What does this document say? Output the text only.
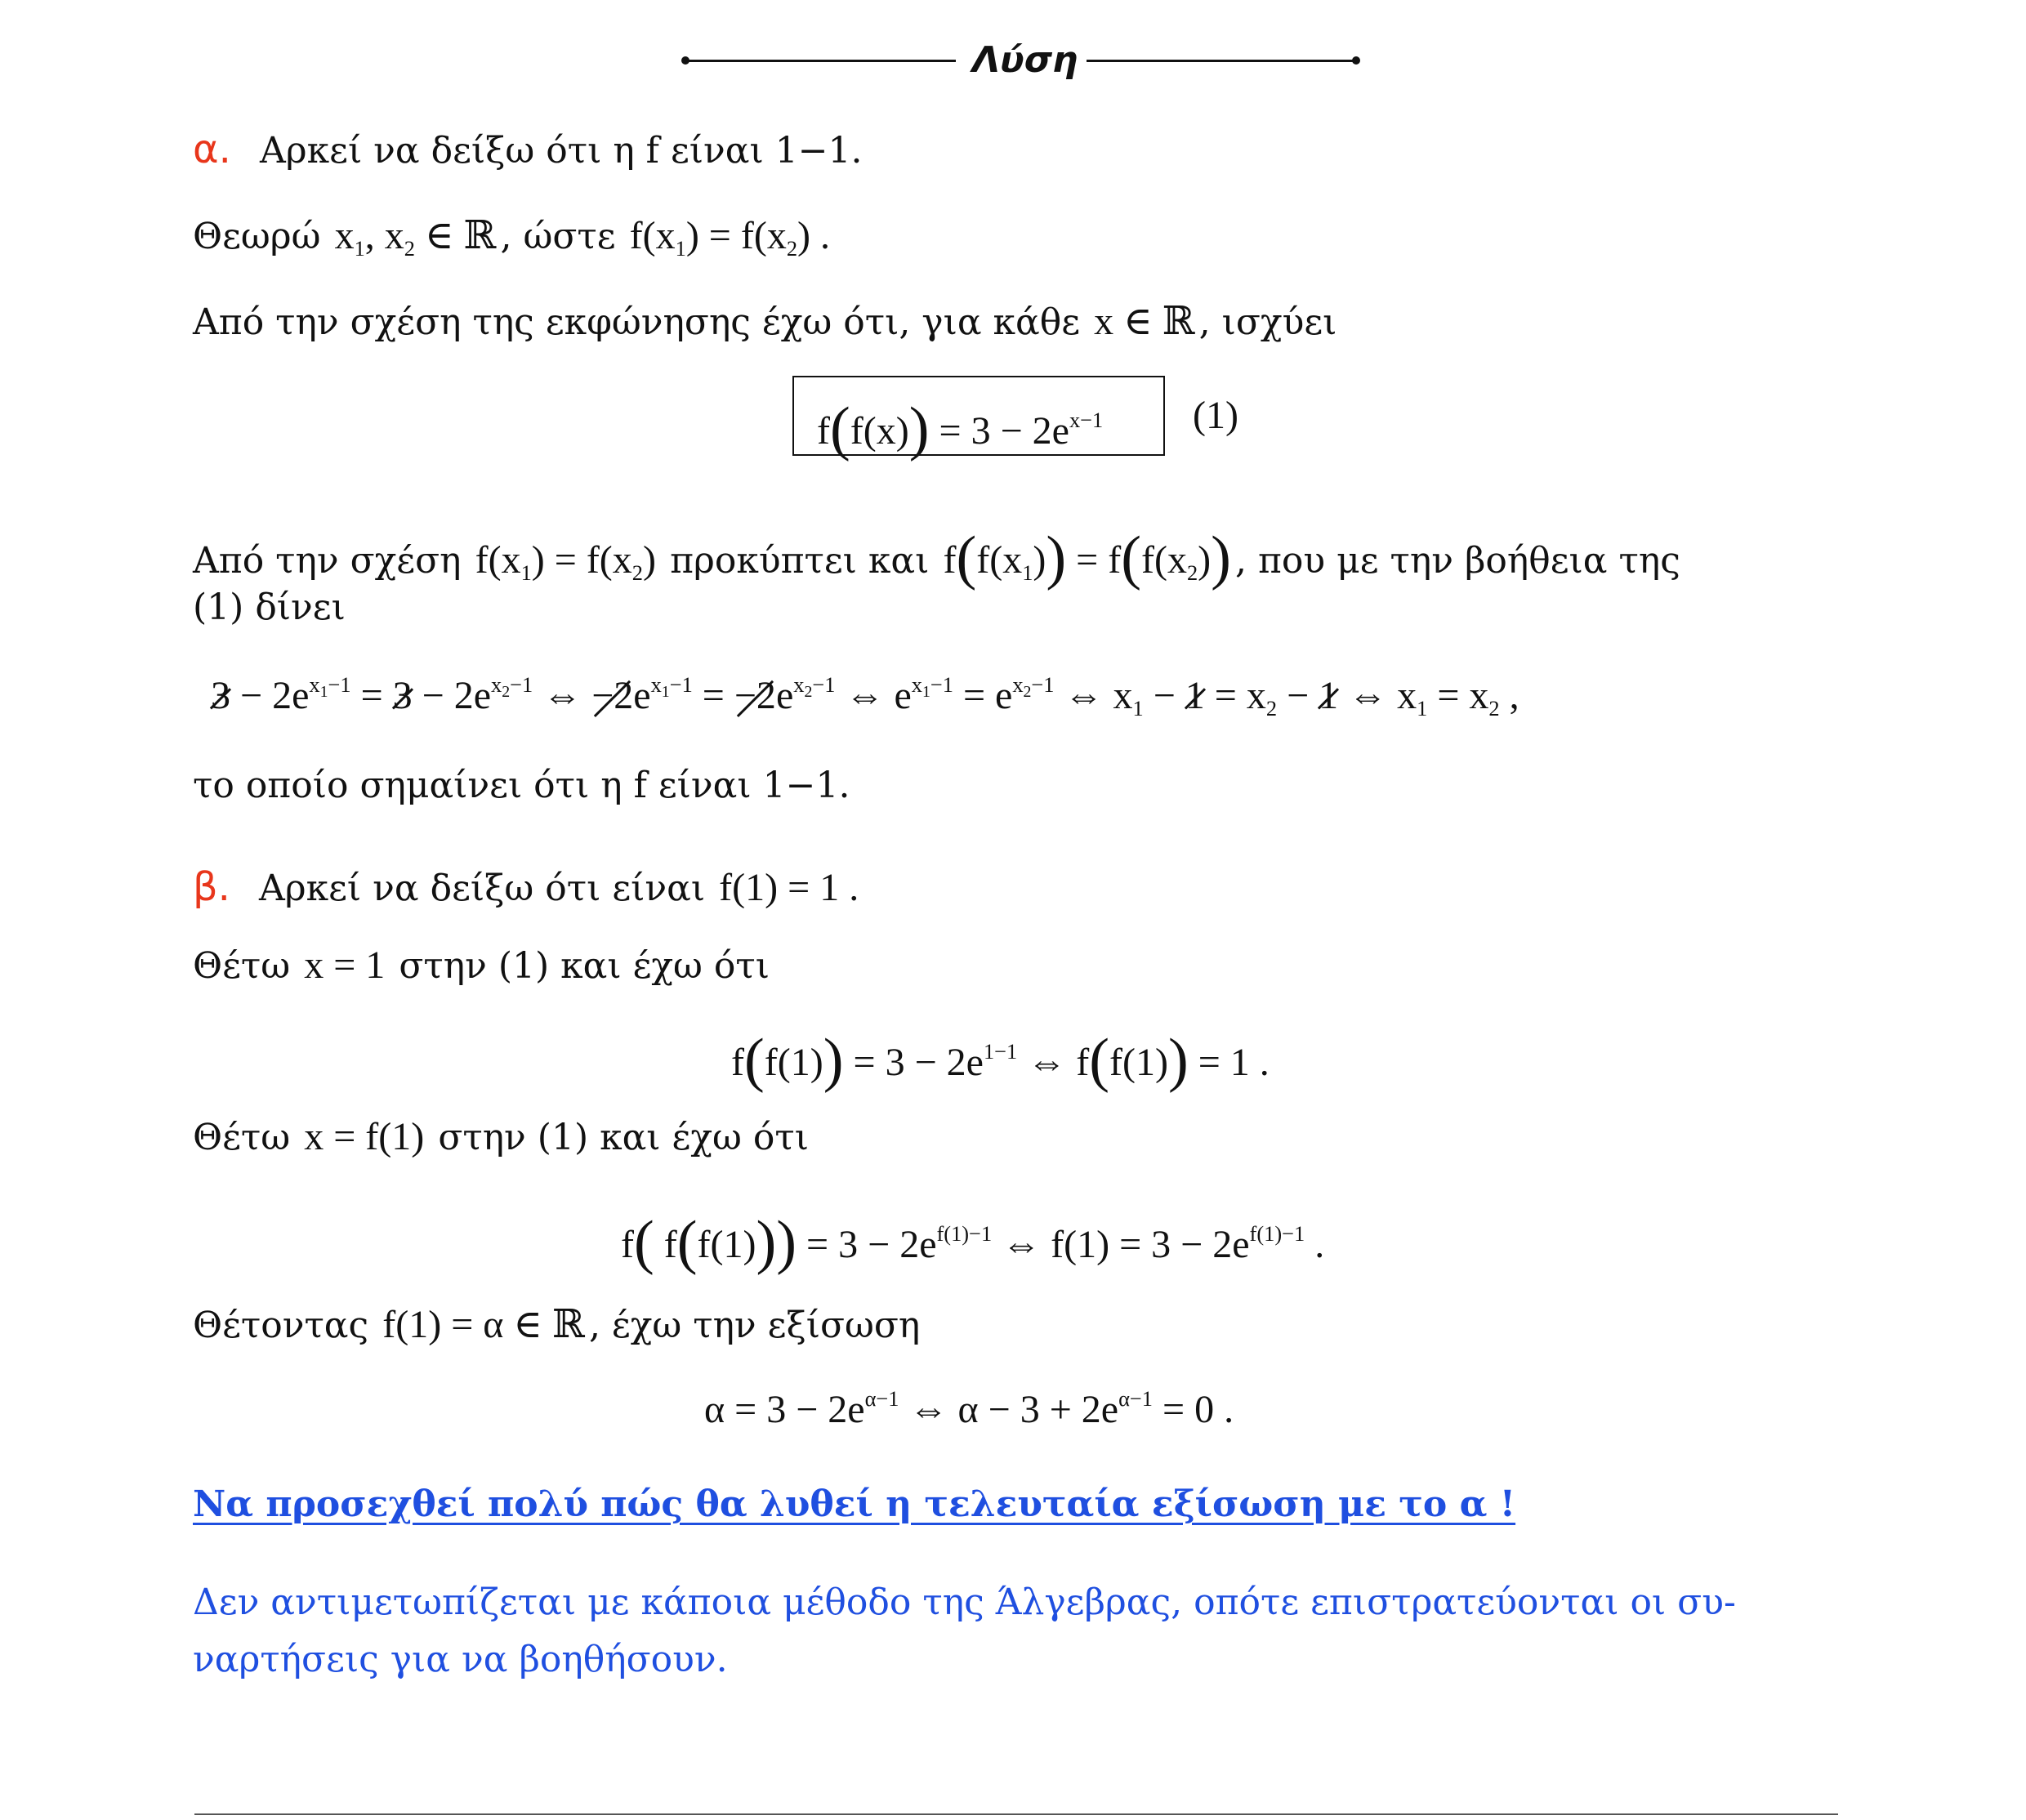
Λύση
α. Αρκεί να δείξω ότι η f είναι 1−1.
Θεωρώ  $x_1$, $x_2$ ∈ ℝ , ώστε  $f(x_1) = f(x_2)$ .
Από την σχέση της εκφώνησης έχω ότι, για κάθε  x ∈ ℝ , ισχύει
$f(f(x)) = 3 - 2e^{x-1}$ (1)
Από την σχέση  $f(x_1) = f(x_2)$  προκύπτει και  $f(f(x_1)) = f(f(x_2))$ , που με την βοήθεια της
(1) δίνει
$3 - 2e^{x_1-1} = 3 - 2e^{x_2-1}$ ⇔ $-2e^{x_1-1} = -2e^{x_2-1}$ ⇔ $e^{x_1-1} = e^{x_2-1}$ ⇔ $x_1 - 1 = x_2 - 1$ ⇔ $x_1 = x_2$ ,
το οποίο σημαίνει ότι η f είναι 1−1.
β. Αρκεί να δείξω ότι είναι  f(1) = 1 .
Θέτω  x = 1  στην (1) και έχω ότι
$f(f(1)) = 3 - 2e^{1-1}$ ⇔ f(f(1)) = 1 .
Θέτω  x = f(1)  στην (1) και έχω ότι
f( $f(f(1))) = 3 - 2e^{f(1)-1}$ ⇔ $f(1) = 3 - 2e^{f(1)-1}$ .
Θέτοντας  f(1) = α ∈ ℝ , έχω την εξίσωση
$\alpha = 3 - 2e^{\alpha-1}$ ⇔ $\alpha - 3 + 2e^{\alpha-1} = 0$ .
Να προσεχθεί πολύ πώς θα λυθεί η τελευταία εξίσωση με το α !
Δεν αντιμετωπίζεται με κάποια μέθοδο της Άλγεβρας, οπότε επιστρατεύονται οι συ-
ναρτήσεις για να βοηθήσουν.
